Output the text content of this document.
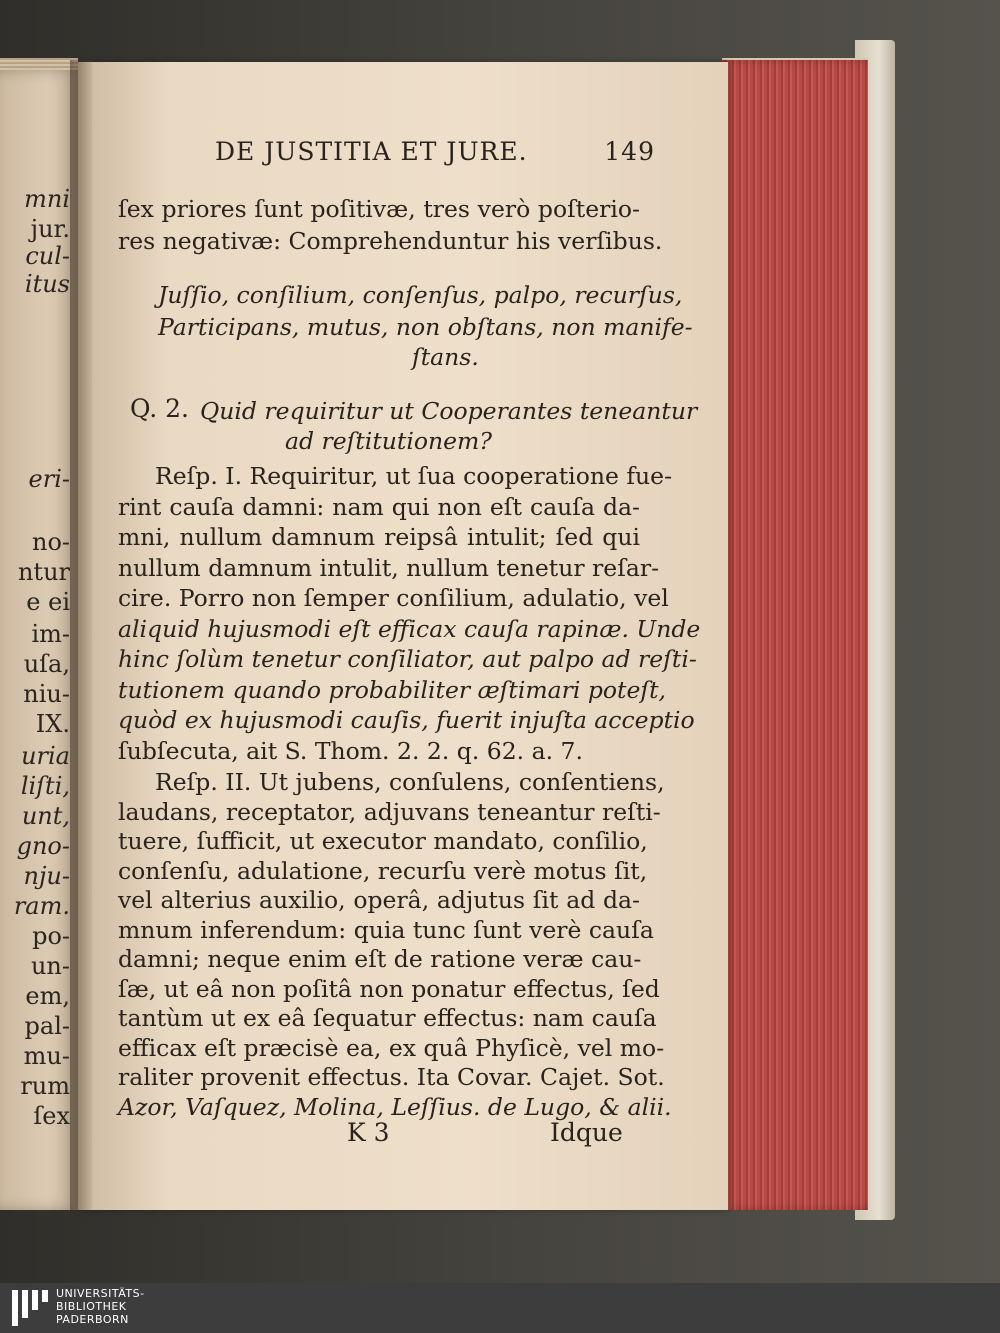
DE JUSTITIA ET JURE.	149
ſex priores ſunt poſitivæ, tres verò poſterio-
res negativæ: Comprehenduntur his verſibus.
Juſſio, conſilium, conſenſus, palpo, recurſus,
Participans, mutus, non obſtans, non manife-
ſtans.
Q. 2. Quid requiritur ut Cooperantes teneantur
ad reſtitutionem?
Reſp. I. Requiritur, ut ſua cooperatione fue-
rint cauſa damni: nam qui non eſt cauſa da-
mni, nullum damnum reipsâ intulit; ſed qui
nullum damnum intulit, nullum tenetur reſar-
cire. Porro non ſemper conſilium, adulatio, vel
aliquid hujusmodi eſt efficax cauſa rapinæ. Unde
hinc ſolùm tenetur conſiliator, aut palpo ad reſti-
tutionem quando probabiliter æſtimari poteſt,
quòd ex hujusmodi cauſis, fuerit injuſta acceptio
ſubſecuta, ait S. Thom. 2. 2. q. 62. a. 7.
Reſp. II. Ut jubens, conſulens, conſentiens,
laudans, receptator, adjuvans teneantur reſti-
tuere, ſufficit, ut executor mandato, conſilio,
conſenſu, adulatione, recurſu verè motus ſit,
vel alterius auxilio, operâ, adjutus ſit ad da-
mnum inferendum: quia tunc ſunt verè cauſa
damni; neque enim eſt de ratione veræ cau-
ſæ, ut eâ non poſitâ non ponatur effectus, ſed
tantùm ut ex eâ ſequatur effectus: nam cauſa
efficax eſt præcisè ea, ex quâ Phyſicè, vel mo-
raliter provenit effectus. Ita Covar. Cajet. Sot.
Azor, Vaſquez, Molina, Leſſius. de Lugo, & alii.
K 3	Idque
UNIVERSITÄTS-
BIBLIOTHEK
PADERBORN
mni
jur.
cul-
itus
eri-
no-
ntur
e ei
im-
uſa,
niu-
IX.
uria
liſti,
unt,
gno-
nju-
ram.
po-
un-
em,
pal-
mu-
rum
ſex
